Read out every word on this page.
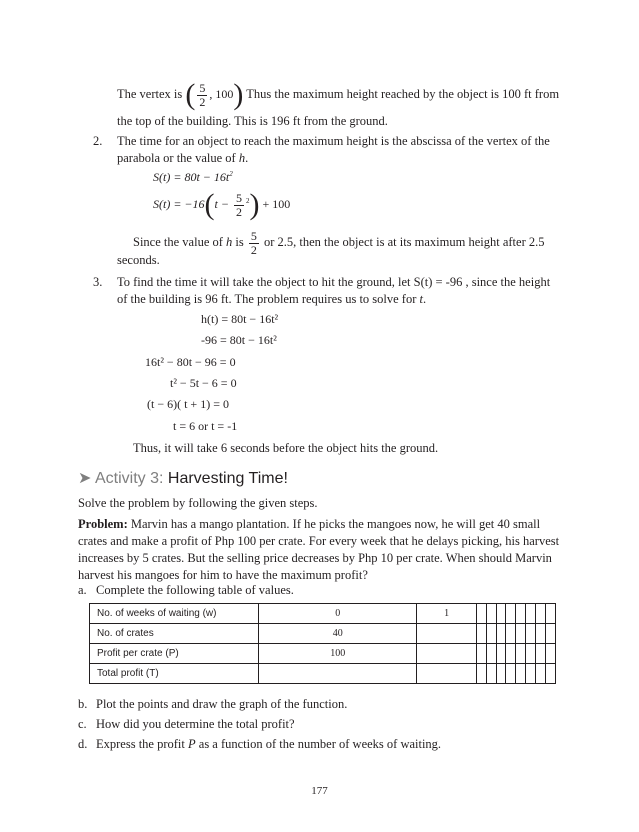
The vertex is ( $\frac{5}{2}$ , 100) Thus the maximum height reached by the object is 100 ft from
the top of the building. This is 196 ft from the ground.
2. The time for an object to reach the maximum height is the abscissa of the vertex of the
parabola or the value of h.
$S(t) = 80t - 16t^2$
$S(t) = -16(t - \frac{5}{2} ^2) + 100$
Since the value of h is $\frac{5}{2}$ or 2.5, then the object is at its maximum height after 2.5
seconds.
3. To find the time it will take the object to hit the ground, let S(t) = -96 , since the height
of the building is 96 ft. The problem requires us to solve for t.
h(t) = 80t − 16t²
-96 = 80t − 16t²
16t² − 80t − 96 = 0
t² − 5t − 6 = 0
(t − 6)( t + 1) = 0
t = 6 or t = -1
Thus, it will take 6 seconds before the object hits the ground.
➤ Activity 3: Harvesting Time!
Solve the problem by following the given steps.
Problem: Marvin has a mango plantation. If he picks the mangoes now, he will get 40 small
crates and make a profit of Php 100 per crate. For every week that he delays picking, his harvest
increases by 5 crates. But the selling price decreases by Php 10 per crate. When should Marvin
harvest his mangoes for him to have the maximum profit?
a. Complete the following table of values.
No. of weeks of waiting (w)	0	1								
No. of crates	40									
Profit per crate (P)	100									
Total profit (T)										
b. Plot the points and draw the graph of the function.
c. How did you determine the total profit?
d. Express the profit P as a function of the number of weeks of waiting.
177
